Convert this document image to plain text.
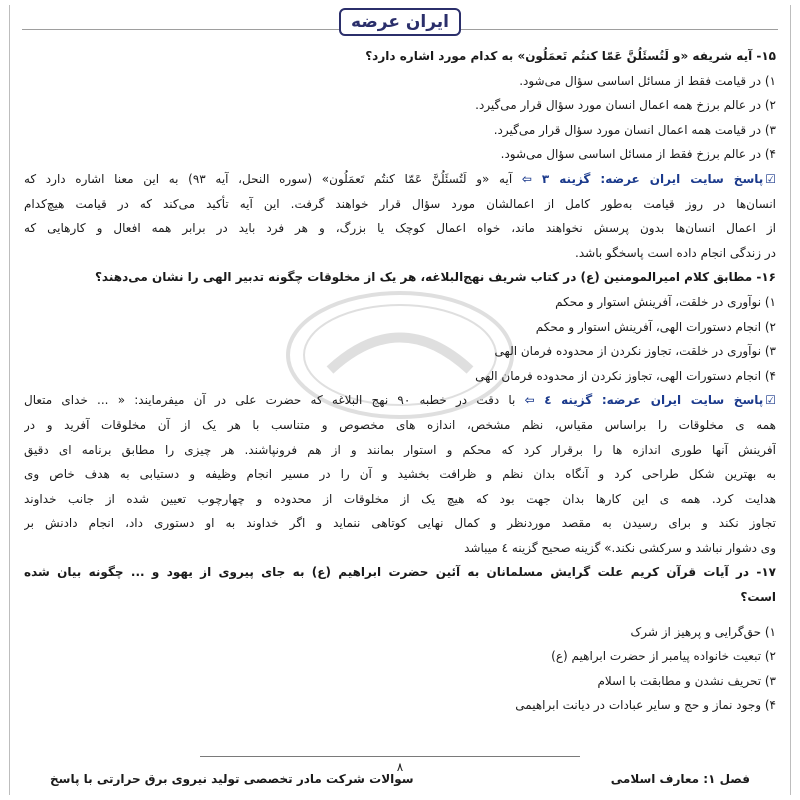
ایران عرضه
۱۵- آیه شریفه «و لَتُسئَلُنَّ عَمّا کنتُم تَعمَلُون» به کدام مورد اشاره دارد؟
۱) در قیامت فقط از مسائل اساسی سؤال می‌شود.
۲) در عالم برزخ همه اعمال انسان مورد سؤال قرار می‌گیرد.
۳) در قیامت همه اعمال انسان مورد سؤال قرار می‌گیرد.
۴) در عالم برزخ فقط از مسائل اساسی سؤال می‌شود.
☑پاسخ سایت ایران عرضه: گزینه ۳ ⇦ آیه «و لَتُسئَلُنَّ عَمّا کنتُم تَعمَلُون» (سوره النحل، آیه ۹۳) به این معنا اشاره دارد که
انسان‌ها در روز قیامت به‌طور کامل از اعمالشان مورد سؤال قرار خواهند گرفت. این آیه تأکید می‌کند که در قیامت هیچ‌کدام
از اعمال انسان‌ها بدون پرسش نخواهند ماند، خواه اعمال کوچک یا بزرگ، و هر فرد باید در برابر همه افعال و کارهایی که
در زندگی انجام داده است پاسخگو باشد.
۱۶- مطابق کلام امیرالمومنین (ع) در کتاب شریف نهج‌البلاغه، هر یک از مخلوقات چگونه تدبیر الهی را نشان می‌دهند؟
۱) نوآوری در خلقت، آفرینش استوار و محکم
۲) انجام دستورات الهی، آفرینش استوار و محکم
۳) نوآوری در خلقت، تجاوز نکردن از محدوده فرمان الهی
۴) انجام دستورات الهی، تجاوز نکردن از محدوده فرمان الهی
☑پاسخ سایت ایران عرضه: گزینه ٤ ⇦ با دقت در خطبه ۹۰ نهج البلاغه که حضرت علی در آن میفرمایند: « ... خدای متعال
همه ی مخلوقات را براساس مقیاس، نظم مشخص، اندازه های مخصوص و متناسب با هر یک از آن مخلوقات آفرید و در
آفرینش آنها طوری اندازه ها را برقرار کرد که محکم و استوار بمانند و از هم فرونپاشند. هر چیزی را مطابق برنامه ای دقیق
به بهترین شکل طراحی کرد و آنگاه بدان نظم و ظرافت بخشید و آن را در مسیر انجام وظیفه و دستیابی به هدف خاص وی
هدایت کرد. همه ی این کارها بدان جهت بود که هیچ یک از مخلوقات از محدوده و چهارچوب تعیین شده از جانب خداوند
تجاوز نکند و برای رسیدن به مقصد موردنظر و کمال نهایی کوتاهی ننماید و اگر خداوند به او دستوری داد، انجام دادنش بر
وی دشوار نباشد و سرکشی نکند.» گزینه صحیح گزینه ٤ میباشد
۱۷- در آیات قرآن کریم علت گرایش مسلمانان به آئین حضرت ابراهیم (ع) به جای پیروی از یهود و ... چگونه بیان شده
است؟
۱) حق‌گرایی و پرهیز از شرک
۲) تبعیت خانواده پیامبر از حضرت ابراهیم (ع)
۳) تحریف نشدن و مطابقت با اسلام
۴) وجود نماز و حج و سایر عبادات در دیانت ابراهیمی
فصل ۱: معارف اسلامی
۸
سوالات شرکت مادر تخصصی تولید نیروی برق حرارتی با پاسخ
